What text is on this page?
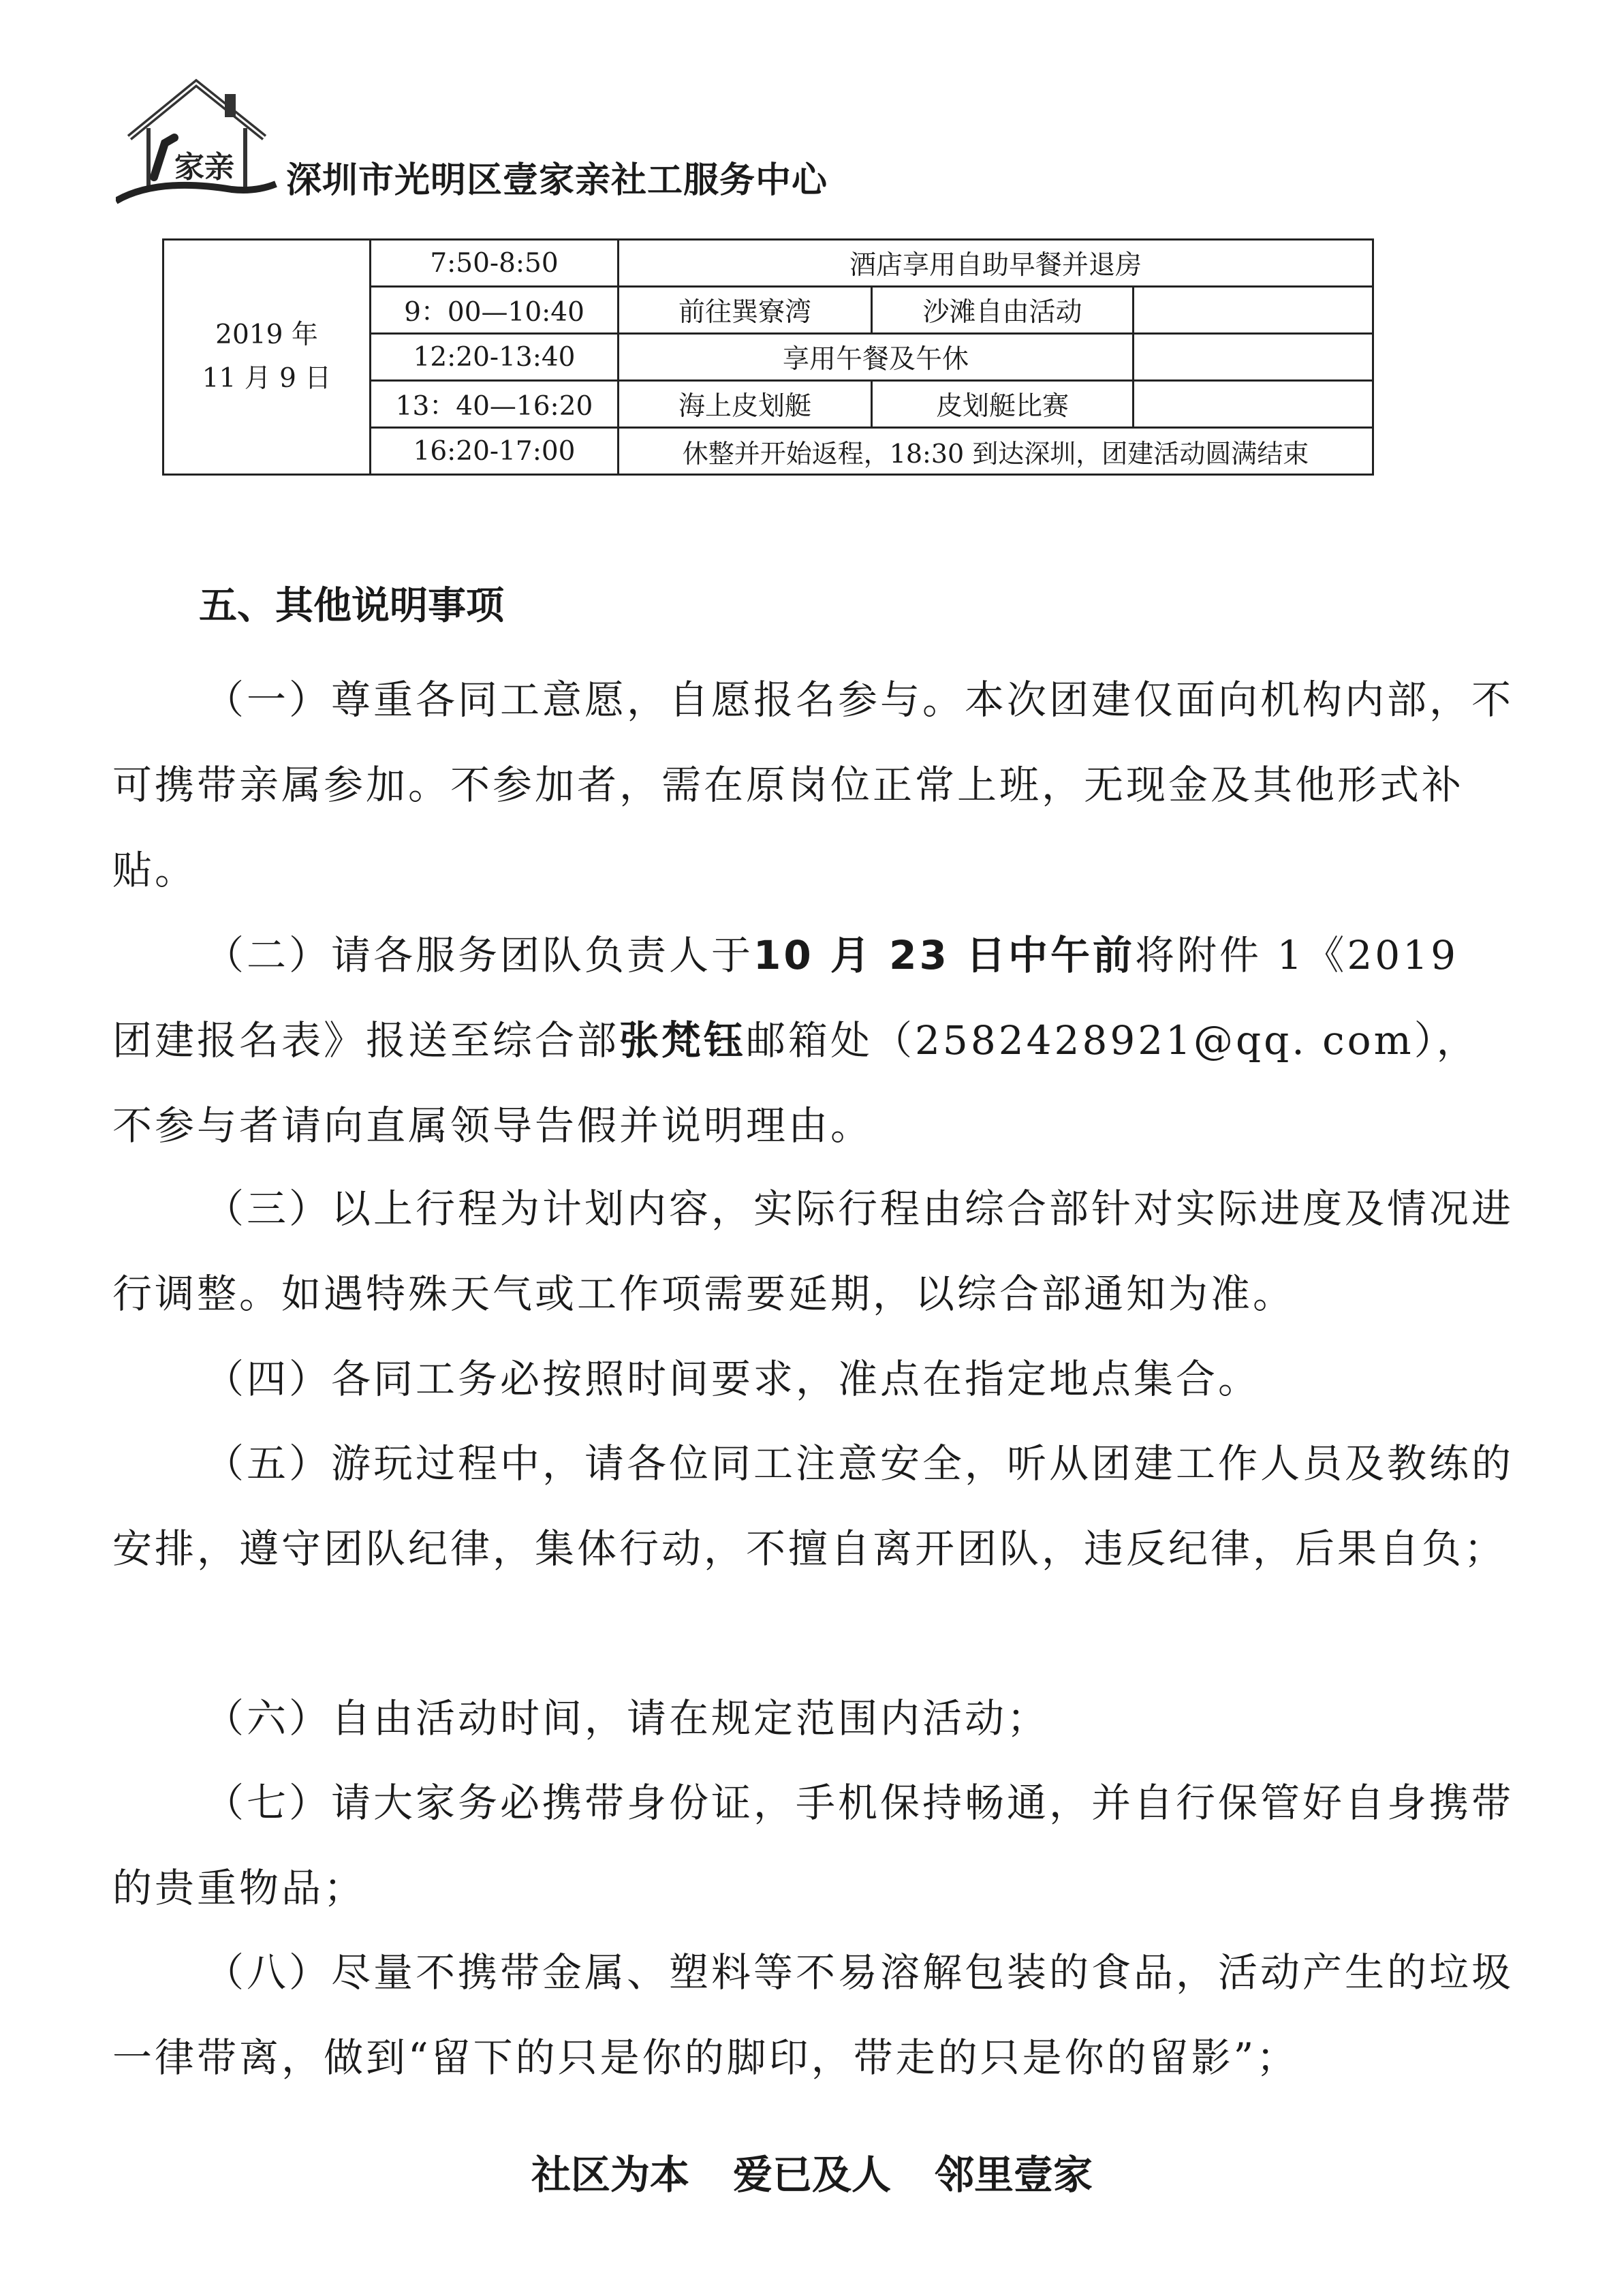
家亲 深圳市光明区壹家亲社工服务中心
2019 年
11 月 9 日	7:50-8:50	酒店享用自助早餐并退房		
	9：00—10:40	前往巽寮湾	沙滩自由活动	
	12:20-13:40	享用午餐及午休		
	13：40—16:20	海上皮划艇	皮划艇比赛	
	16:20-17:00	休整并开始返程，18:30 到达深圳，团建活动圆满结束		
五、其他说明事项
（一）尊重各同工意愿，自愿报名参与。本次团建仅面向机构内部，不可携带亲属参加。不参加者，需在原岗位正常上班，无现金及其他形式补贴。
（二）请各服务团队负责人于10 月 23 日中午前将附件 1《2019 团建报名表》报送至综合部张梵钰邮箱处（2582428921@qq. com），不参与者请向直属领导告假并说明理由。
（三）以上行程为计划内容，实际行程由综合部针对实际进度及情况进行调整。如遇特殊天气或工作项需要延期，以综合部通知为准。
（四）各同工务必按照时间要求，准点在指定地点集合。
（五）游玩过程中，请各位同工注意安全，听从团建工作人员及教练的安排，遵守团队纪律，集体行动，不擅自离开团队，违反纪律，后果自负；
（六）自由活动时间，请在规定范围内活动；
（七）请大家务必携带身份证，手机保持畅通，并自行保管好自身携带的贵重物品；
（八）尽量不携带金属、塑料等不易溶解包装的食品，活动产生的垃圾一律带离，做到“留下的只是你的脚印，带走的只是你的留影”；
社区为本 爱已及人 邻里壹家
